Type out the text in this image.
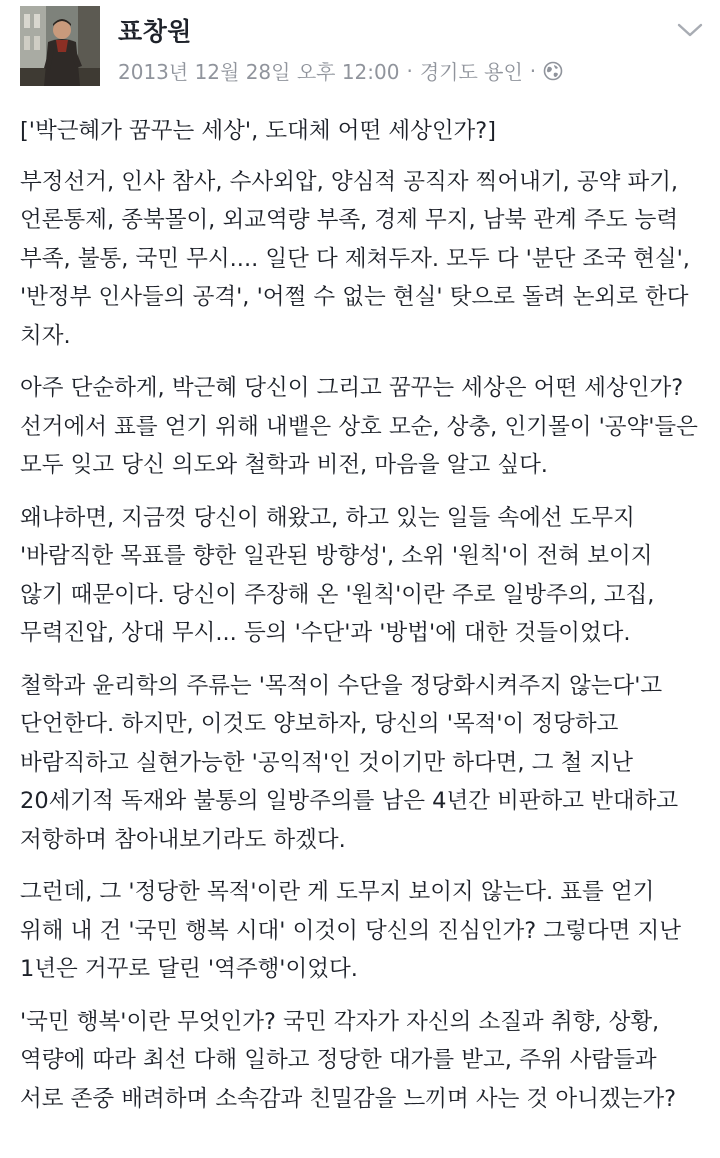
표창원
2013년 12월 28일 오후 12:00 · 경기도 용인 ·

['박근혜가 꿈꾸는 세상', 도대체 어떤 세상인가?]

부정선거, 인사 참사, 수사외압, 양심적 공직자 찍어내기, 공약 파기, 언론통제, 종북몰이, 외교역량 부족, 경제 무지, 남북 관계 주도 능력 부족, 불통, 국민 무시.... 일단 다 제쳐두자. 모두 다 '분단 조국 현실', '반정부 인사들의 공격', '어쩔 수 없는 현실' 탓으로 돌려 논외로 한다 치자.

아주 단순하게, 박근혜 당신이 그리고 꿈꾸는 세상은 어떤 세상인가? 선거에서 표를 얻기 위해 내뱉은 상호 모순, 상충, 인기몰이 '공약'들은 모두 잊고 당신 의도와 철학과 비전, 마음을 알고 싶다.

왜냐하면, 지금껏 당신이 해왔고, 하고 있는 일들 속에선 도무지 '바람직한 목표를 향한 일관된 방향성', 소위 '원칙'이 전혀 보이지 않기 때문이다. 당신이 주장해 온 '원칙'이란 주로 일방주의, 고집, 무력진압, 상대 무시... 등의 '수단'과 '방법'에 대한 것들이었다.

철학과 윤리학의 주류는 '목적이 수단을 정당화시켜주지 않는다'고 단언한다. 하지만, 이것도 양보하자, 당신의 '목적'이 정당하고 바람직하고 실현가능한 '공익적'인 것이기만 하다면, 그 철 지난 20세기적 독재와 불통의 일방주의를 남은 4년간 비판하고 반대하고 저항하며 참아내보기라도 하겠다.

그런데, 그 '정당한 목적'이란 게 도무지 보이지 않는다. 표를 얻기 위해 내 건 '국민 행복 시대' 이것이 당신의 진심인가? 그렇다면 지난 1년은 거꾸로 달린 '역주행'이었다.

'국민 행복'이란 무엇인가? 국민 각자가 자신의 소질과 취향, 상황, 역량에 따라 최선 다해 일하고 정당한 대가를 받고, 주위 사람들과 서로 존중 배려하며 소속감과 친밀감을 느끼며 사는 것 아니겠는가?
